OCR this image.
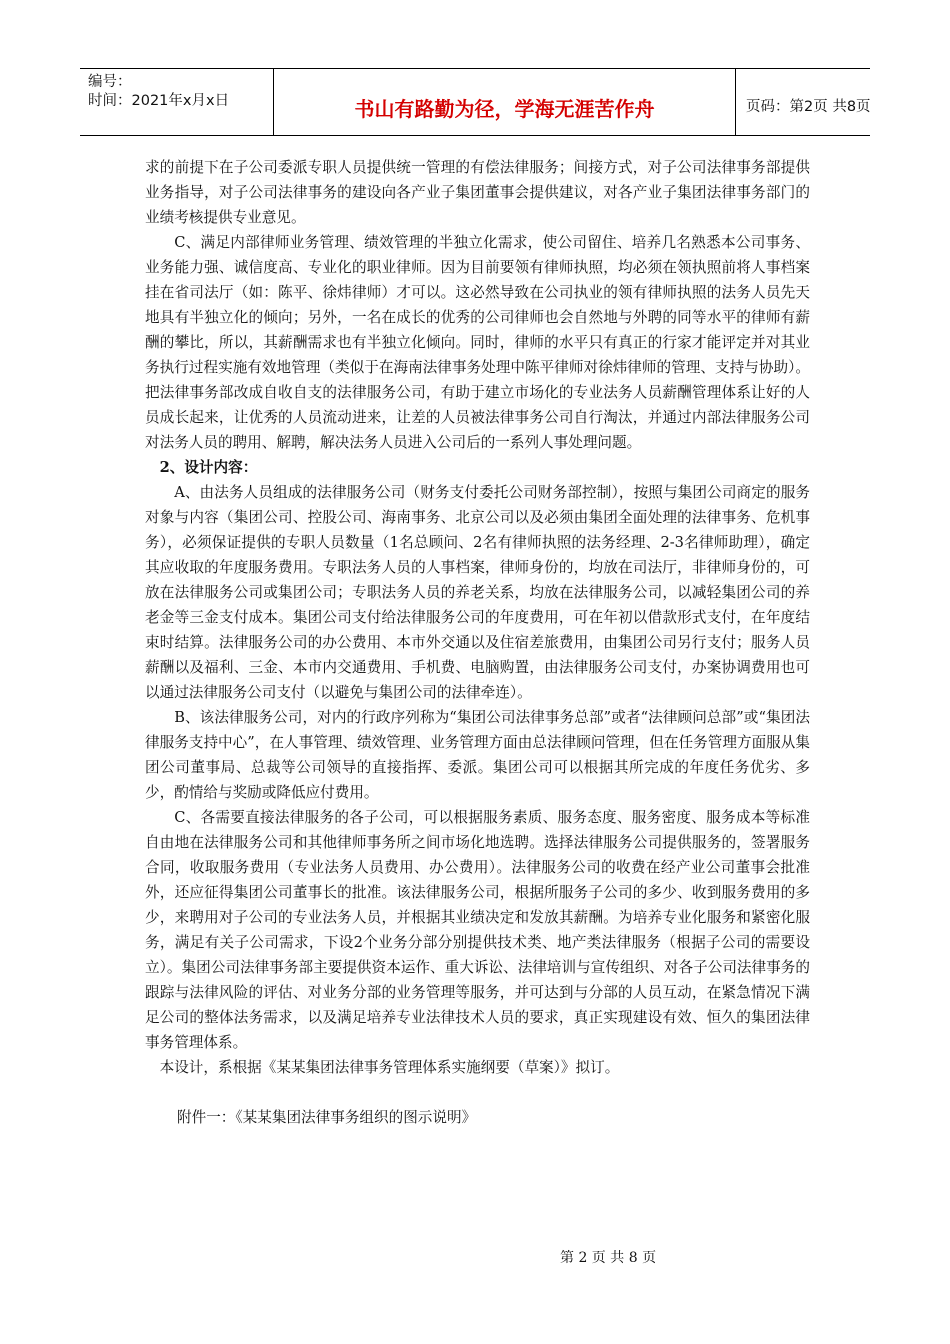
编号：
时间：2021年x月x日	书山有路勤为径，学海无涯苦作舟	页码：第2页 共8页

求的前提下在子公司委派专职人员提供统一管理的有偿法律服务；间接方式，对子公司法律事务部提供业务指导，对子公司法律事务的建设向各产业子集团董事会提供建议，对各产业子集团法律事务部门的业绩考核提供专业意见。

C、满足内部律师业务管理、绩效管理的半独立化需求，使公司留住、培养几名熟悉本公司事务、业务能力强、诚信度高、专业化的职业律师。因为目前要领有律师执照，均必须在领执照前将人事档案挂在省司法厅（如：陈平、徐炜律师）才可以。这必然导致在公司执业的领有律师执照的法务人员先天地具有半独立化的倾向；另外，一名在成长的优秀的公司律师也会自然地与外聘的同等水平的律师有薪酬的攀比，所以，其薪酬需求也有半独立化倾向。同时，律师的水平只有真正的行家才能评定并对其业务执行过程实施有效地管理（类似于在海南法律事务处理中陈平律师对徐炜律师的管理、支持与协助）。把法律事务部改成自收自支的法律服务公司，有助于建立市场化的专业法务人员薪酬管理体系让好的人员成长起来，让优秀的人员流动进来，让差的人员被法律事务公司自行淘汰，并通过内部法律服务公司对法务人员的聘用、解聘，解决法务人员进入公司后的一系列人事处理问题。

2、设计内容：

A、由法务人员组成的法律服务公司（财务支付委托公司财务部控制），按照与集团公司商定的服务对象与内容（集团公司、控股公司、海南事务、北京公司以及必须由集团全面处理的法律事务、危机事务），必须保证提供的专职人员数量（1名总顾问、2名有律师执照的法务经理、2-3名律师助理），确定其应收取的年度服务费用。专职法务人员的人事档案，律师身份的，均放在司法厅，非律师身份的，可放在法律服务公司或集团公司；专职法务人员的养老关系，均放在法律服务公司，以减轻集团公司的养老金等三金支付成本。集团公司支付给法律服务公司的年度费用，可在年初以借款形式支付，在年度结束时结算。法律服务公司的办公费用、本市外交通以及住宿差旅费用，由集团公司另行支付；服务人员薪酬以及福利、三金、本市内交通费用、手机费、电脑购置，由法律服务公司支付，办案协调费用也可以通过法律服务公司支付（以避免与集团公司的法律牵连）。

B、该法律服务公司，对内的行政序列称为“集团公司法律事务总部”或者“法律顾问总部”或“集团法律服务支持中心”，在人事管理、绩效管理、业务管理方面由总法律顾问管理，但在任务管理方面服从集团公司董事局、总裁等公司领导的直接指挥、委派。集团公司可以根据其所完成的年度任务优劣、多少，酌情给与奖励或降低应付费用。

C、各需要直接法律服务的各子公司，可以根据服务素质、服务态度、服务密度、服务成本等标准自由地在法律服务公司和其他律师事务所之间市场化地选聘。选择法律服务公司提供服务的，签署服务合同，收取服务费用（专业法务人员费用、办公费用）。法律服务公司的收费在经产业公司董事会批准外，还应征得集团公司董事长的批准。该法律服务公司，根据所服务子公司的多少、收到服务费用的多少，来聘用对子公司的专业法务人员，并根据其业绩决定和发放其薪酬。为培养专业化服务和紧密化服务，满足有关子公司需求，下设2个业务分部分别提供技术类、地产类法律服务（根据子公司的需要设立）。集团公司法律事务部主要提供资本运作、重大诉讼、法律培训与宣传组织、对各子公司法律事务的跟踪与法律风险的评估、对业务分部的业务管理等服务，并可达到与分部的人员互动，在紧急情况下满足公司的整体法务需求，以及满足培养专业法律技术人员的要求，真正实现建设有效、恒久的集团法律事务管理体系。

本设计，系根据《某某集团法律事务管理体系实施纲要（草案）》拟订。

附件一：《某某集团法律事务组织的图示说明》

第 2 页 共 8 页
